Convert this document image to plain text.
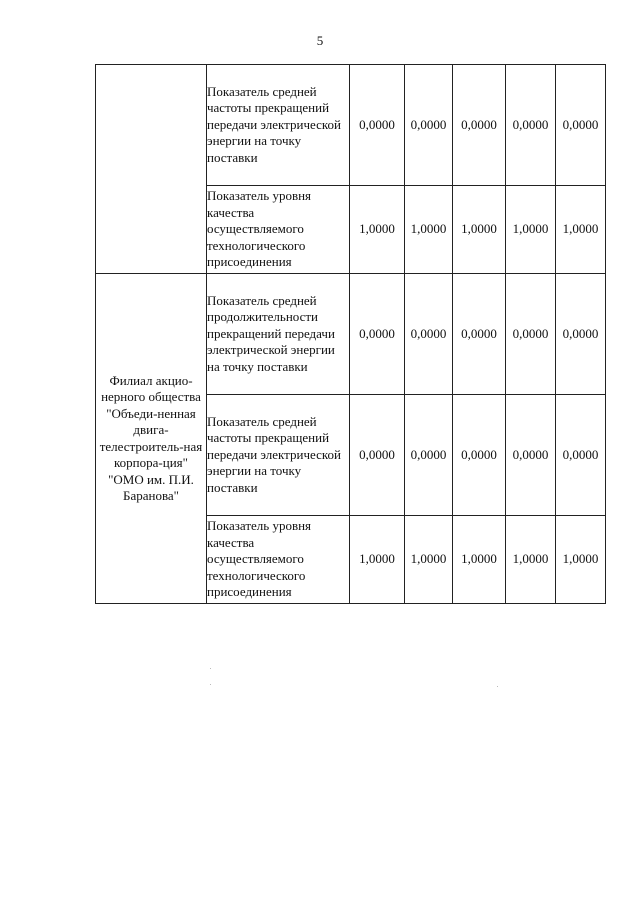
5
	Показатель средней частоты прекращений передачи электрической энергии на точку поставки	0,0000	0,0000	0,0000	0,0000	0,0000
	Показатель уровня качества осуществляемого технологического присоединения	1,0000	1,0000	1,0000	1,0000	1,0000
Филиал акцио-нерного общества "Объеди-ненная двига-телестроитель-ная корпора-ция" "ОМО им. П.И. Баранова"	Показатель средней продолжительности прекращений передачи электрической энергии на точку поставки	0,0000	0,0000	0,0000	0,0000	0,0000
	Показатель средней частоты прекращений передачи электрической энергии на точку поставки	0,0000	0,0000	0,0000	0,0000	0,0000
	Показатель уровня качества осуществляемого технологического присоединения	1,0000	1,0000	1,0000	1,0000	1,0000
